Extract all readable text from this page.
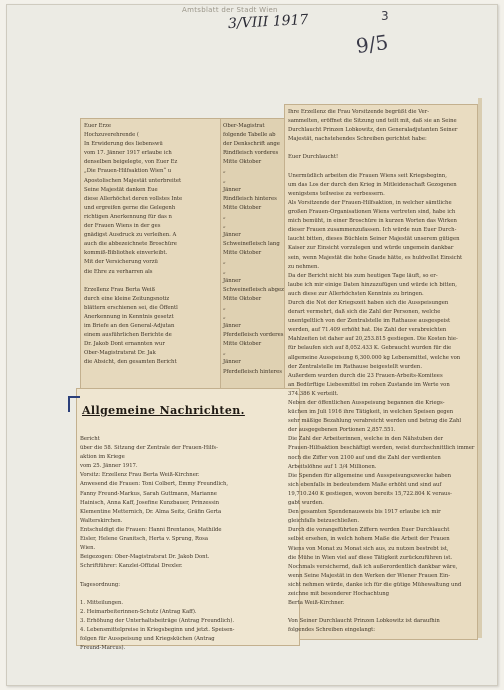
Amtsblatt der Stadt Wien
3/VIII 1917	3
9/5
Euer Erze
Hochzuverehrende (
In Erwiderung des liebenswü
vom 17. Jänner 1917 erlaube ich
denselben beigelegte, von Euer Ez
„Die Frauen-Hilfsaktion Wien“ u
Apostolischen Majestät unterbreitet
Seine Majestät danken Eue
diese Allerhöchst deren vollstes Inte
und ergreifen gerne die Gelegenh
richtigen Anerkennung für das n
der Frauen Wiens in der ges
gnädigst Ausdruck zu verleihen. A
auch die abbezeichnete Broschüre
kommiß-Bibliothek einverleibt.
Mit der Versicherung vorzü
die Ehre zu verharren als

Erzellenz Frau Berta Weiß
durch eine kleine Zeitungsnotiz
blättern erschienen sei, die Öffentl
Anerkennung in Kenntnis gesetzt
im Briefe an den General-Adjutan
einem ausführlichen Berichte de
Dr. Jakob Dont ernannten wur
Ober-Magistratsrat Dr. Jak
die Absicht, den gesamten Bericht
Ober-Magistrat
folgende Tabelle ab
der Denkschrift ange
Rindfleisch vorderes
Mitte Oktober
„
„
Jänner
Rindfleisch hinteres
Mitte Oktober
„
„
Jänner
Schweinefleisch lang
Mitte Oktober
„
„
Jänner
Schweinefleisch abgez
Mitte Oktober
„
„
Jänner
Pferdefleisch vorderes
Mitte Oktober
„
Jänner
Pferdefleisch hinteres
Ihre Erzellenz die Frau Vorsitzende begrüßt die Ver-
sammelten, eröffnet die Sitzung und teilt mit, daß sie an Seine
Durchlaucht Prinzen Lobkowitz, den Generaladjutanten Seiner
Majestät, nachstehendes Schreiben gerichtet habe:

Euer Durchlaucht!

Unermüdlich arbeiten die Frauen Wiens seit Kriegsbeginn,
um das Los der durch den Krieg in Mitleidenschaft Gezogenen
wenigstens teilweise zu verbessern.
Als Vorsitzende der Frauen-Hilfsaktion, in welcher sämtliche
großen Frauen-Organisationen Wiens vertreten sind, habe ich
mich bemüht, in einer Broschüre in kurzen Worten das Wirken
dieser Frauen zusammenzufassen. Ich würde nun Euer Durch-
laucht bitten, dieses Büchlein Seiner Majestät unserem gütigen
Kaiser zur Einsicht vorzulegen und würde ungemein dankbar
sein, wenn Majestät die hohe Gnade hätte, es huldvollst Einsicht
zu nehmen.
Da der Bericht nicht bis zum heutigen Tage läuft, so er-
laube ich mir einige Daten hinzuzufügen und würde ich bitten,
auch diese zur Allerhöchsten Kenntnis zu bringen.
Durch die Not der Kriegszeit haben sich die Ausspeisungen
derart vermehrt, daß sich die Zahl der Personen, welche
unentgeltlich von der Zentralstelle im Rathause ausgespeist
werden, auf 71.409 erhöht hat. Die Zahl der verabreichten
Mahlzeiten ist daher auf 20,253.815 gestiegen. Die Kosten hie-
für belaufen sich auf 8,052.433 K. Gebraucht wurden für die
allgemeine Ausspeisung 6,300.000 kg Lebensmittel, welche von
der Zentralstelle im Rathause beigestellt wurden.
Außerdem wurden durch die 23 Frauen-Arbeits-Komitees
an Bedürftige Liebesmittel im rohen Zustande im Werte von
374.386 K verteilt.
Neben der öffentlichen Ausspeisung begannen die Kriegs-
küchen im Juli 1916 ihre Tätigkeit, in welchen Speisen gegen
sehr mäßige Bezahlung verabreicht werden und betrug die Zahl
der ausgegebenen Portionen 2,857.551.
Die Zahl der Arbeiterinnen, welche in den Nähstuben der
Frauen-Hilfsaktion beschäftigt werden, weist durchschnittlich immer
noch die Ziffer von 2100 auf und die Zahl der verdienten
Arbeitslöhne auf 1 3/4 Millionen.
Die Spenden für allgemeine und Ausspeisungszwecke haben
sich ebenfalls in bedeutendem Maße erhöht und sind auf
19,710.240 K gestiegen, wovon bereits 15,722.804 K veraus-
gabt wurden.
Den gesamten Spendenausweis bis 1917 erlaube ich mir
gleichfalls beizuschließen.
Durch die vorangeführten Ziffern werden Euer Durchlaucht
selbst ersehen, in welch hohem Maße die Arbeit der Frauen
Wiens von Monat zu Monat sich aus, zu nutzen bestrebt ist,
die Mühe in Wien viel auf diese Tätigkeit zurückzuführen ist.
Nochmals versichernd, daß ich außerordentlich dankbar wäre,
wenn Seine Majestät in den Werken der Wiener Frauen Ein-
sicht nehmen würde, danke ich für die gütige Mühewaltung und
zeichne mit besonderer Hochachtung
Berta Weiß-Kirchner.

Von Seiner Durchlaucht Prinzen Lobkowitz ist daraufhin
folgendes Schreiben eingelangt:
Allgemeine Nachrichten.
Bericht
über die 58. Sitzung der Zentrale der Frauen-Hilfs-
aktion im Kriege
vom 25. Jänner 1917.
Vorsitz: Erzellenz Frau Berta Weiß-Kirchner.
Anwesend die Frauen: Toni Colbert, Emmy Freundlich,
Fanny Freund-Markus, Sarah Guttmann, Marianne
Hainisch, Anna Kaff, Josefine Kunzbauer, Prinzessin
Klementine Metternich, Dr. Alma Seitz, Gräfin Gerta
Walterskirchen.
Entschuldigt die Frauen: Hanni Brentanos, Mathilde
Eisler, Helene Granitsch, Herta v. Sprung, Rosa
Wien.
Beigezogen: Ober-Magistratsrat Dr. Jakob Dont.
Schriftführer: Kanzlei-Offizial Drexler.

Tagesordnung:

1. Mitteilungen.
2. Heimarbeiterinnen-Schutz (Antrag Kaff).
3. Erhöhung der Unterhaltsbeiträge (Antrag Freundlich).
4. Lebensmittelpreise in Kriegsbeginn und jetzt. Speisen-
folgen für Ausspeisung und Kriegsküchen (Antrag
Freund-Marcus).
